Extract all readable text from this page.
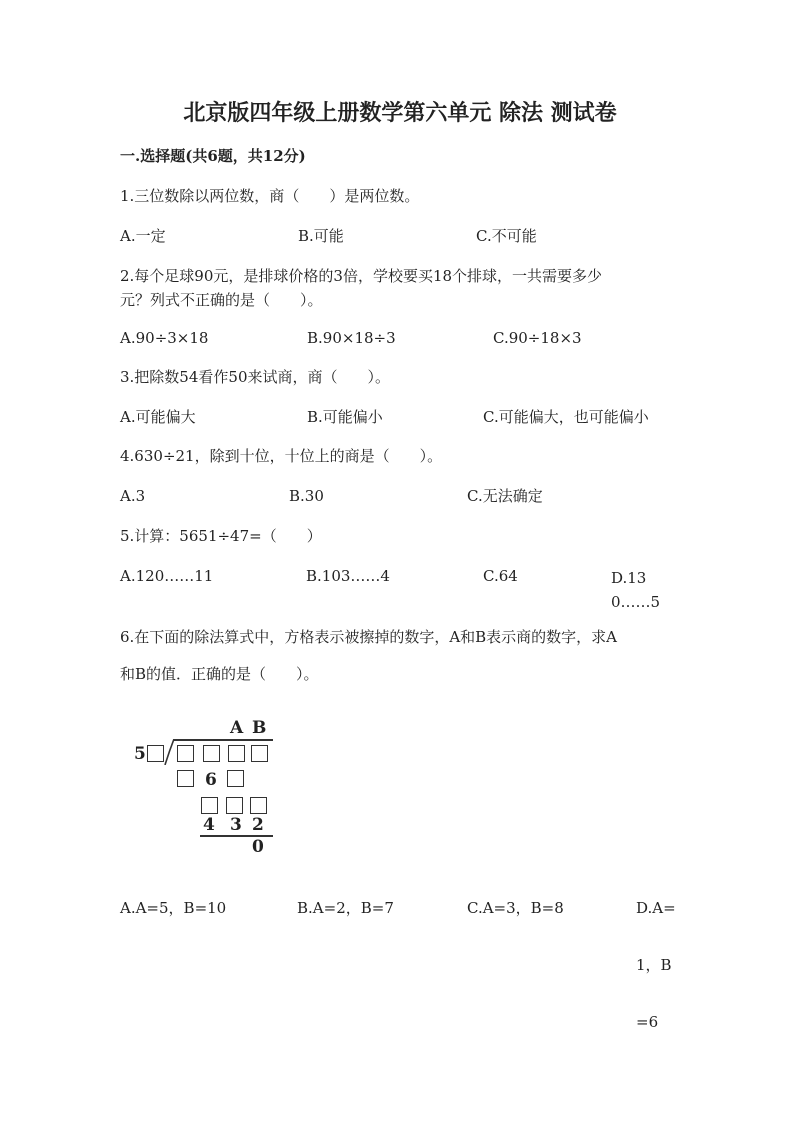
北京版四年级上册数学第六单元 除法 测试卷
一.选择题(共6题，共12分)
1.三位数除以两位数，商（　　）是两位数。
A.一定	B.可能	C.不可能
2.每个足球90元，是排球价格的3倍，学校要买18个排球，一共需要多少
元？列式不正确的是（　　）。
A.90÷3×18	B.90×18÷3	C.90÷18×3
3.把除数54看作50来试商，商（　　）。
A.可能偏大	B.可能偏小	C.可能偏大，也可能偏小
4.630÷21，除到十位，十位上的商是（　　）。
A.3	B.30	C.无法确定
5.计算：5651÷47=（　　）
A.120……11	B.103……4	C.64	D.130……5
6.在下面的除法算式中，方格表示被擦掉的数字，A和B表示商的数字，求A
和B的值．正确的是（　　）。
A B
5
6
4 3 2
0
A.A=5，B=10	B.A=2，B=7	C.A=3，B=8	D.A=1，B=6
